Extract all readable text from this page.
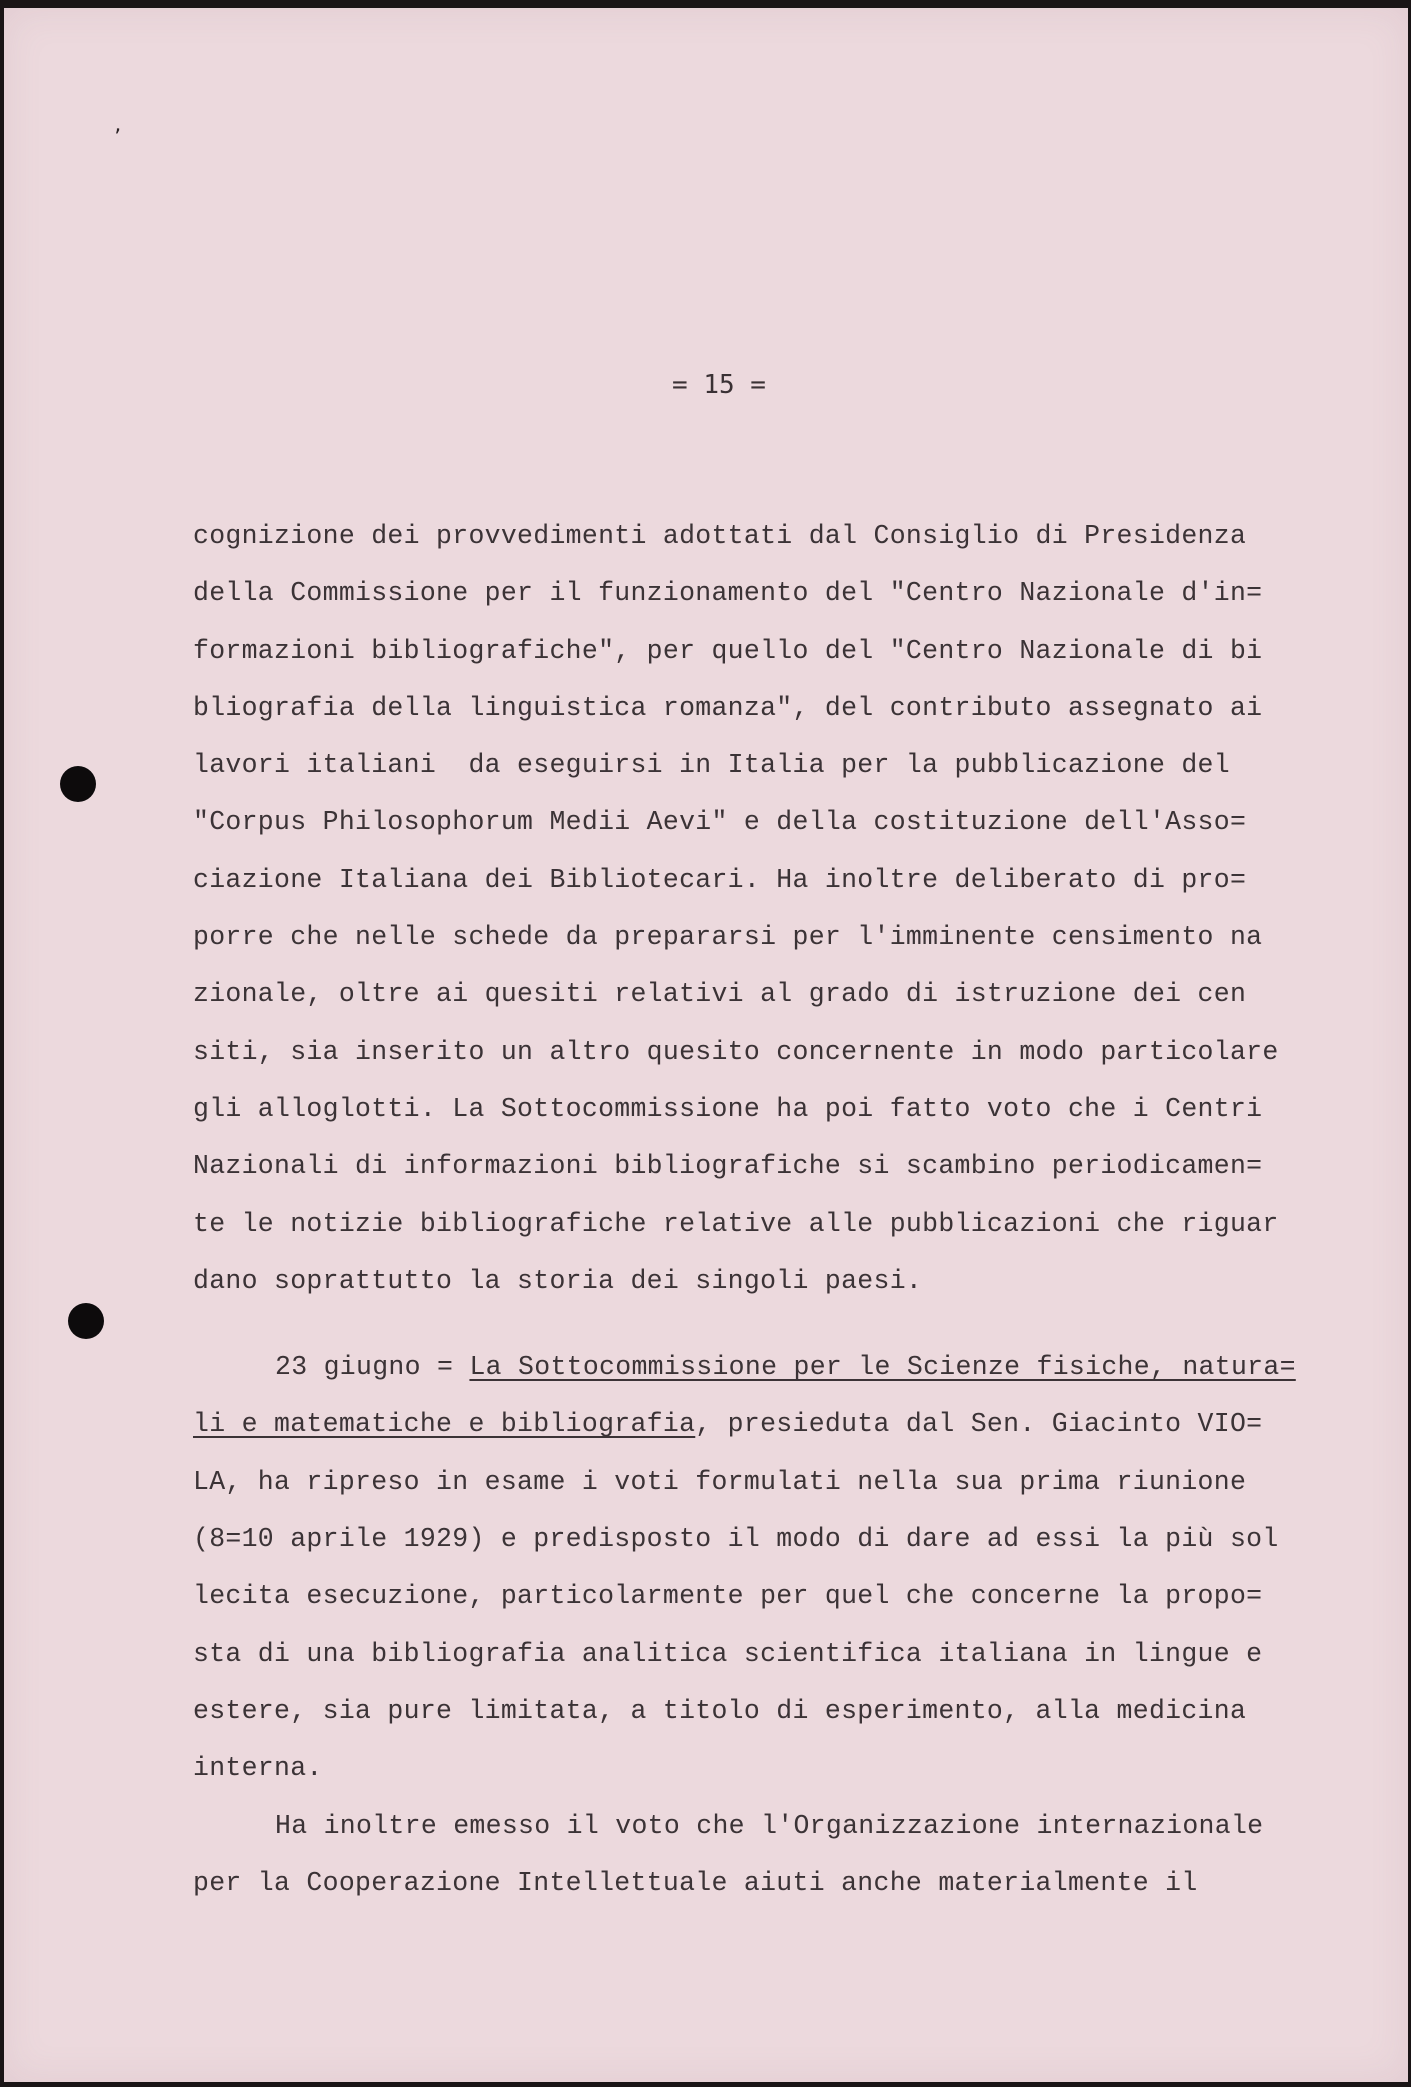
ʼ
= 15 =
cognizione dei provvedimenti adottati dal Consiglio di Presidenza
della Commissione per il funzionamento del "Centro Nazionale d'in=
formazioni bibliografiche", per quello del "Centro Nazionale di bi
bliografia della linguistica romanza", del contributo assegnato ai
lavori italiani  da eseguirsi in Italia per la pubblicazione del
"Corpus Philosophorum Medii Aevi" e della costituzione dell'Asso=
ciazione Italiana dei Bibliotecari. Ha inoltre deliberato di pro=
porre che nelle schede da prepararsi per l'imminente censimento na
zionale, oltre ai quesiti relativi al grado di istruzione dei cen
siti, sia inserito un altro quesito concernente in modo particolare
gli alloglotti. La Sottocommissione ha poi fatto voto che i Centri
Nazionali di informazioni bibliografiche si scambino periodicamen=
te le notizie bibliografiche relative alle pubblicazioni che riguar
dano soprattutto la storia dei singoli paesi.
23 giugno = La Sottocommissione per le Scienze fisiche, natura=
li e matematiche e bibliografia, presieduta dal Sen. Giacinto VIO=
LA, ha ripreso in esame i voti formulati nella sua prima riunione
(8=10 aprile 1929) e predisposto il modo di dare ad essi la più sol
lecita esecuzione, particolarmente per quel che concerne la propo=
sta di una bibliografia analitica scientifica italiana in lingue e
estere, sia pure limitata, a titolo di esperimento, alla medicina
interna.
Ha inoltre emesso il voto che l'Organizzazione internazionale
per la Cooperazione Intellettuale aiuti anche materialmente il
